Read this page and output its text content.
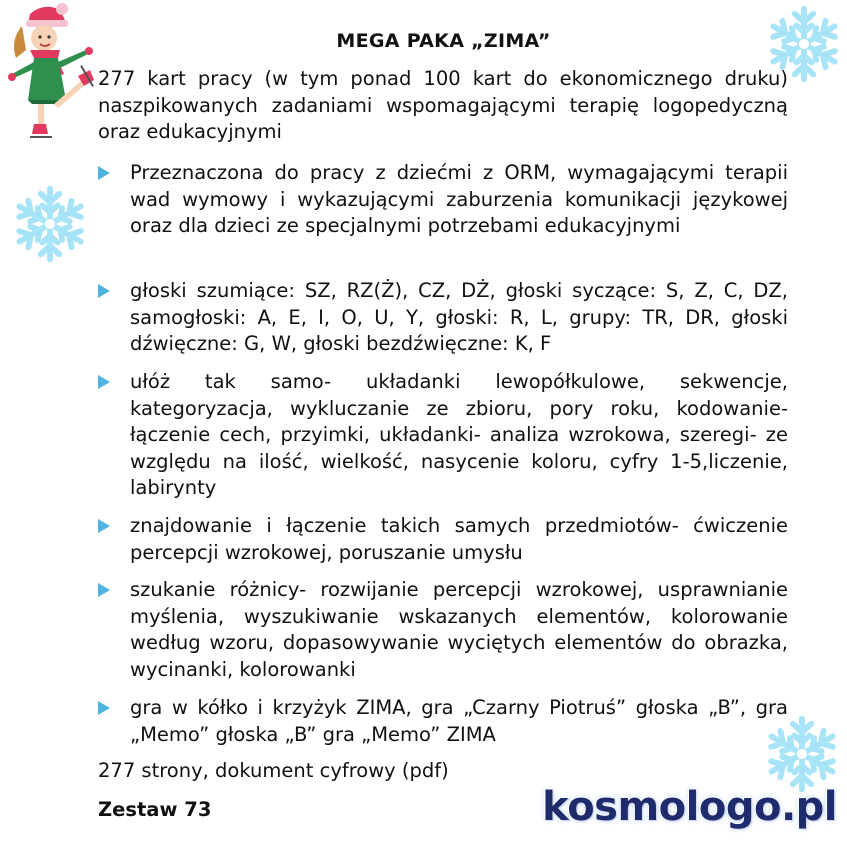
MEGA PAKA „ZIMA”
277 kart pracy (w tym ponad 100 kart do ekonomicznego druku) naszpikowanych zadaniami wspomagającymi terapię logopedyczną oraz edukacyjnymi
Przeznaczona do pracy z dziećmi z ORM, wymagającymi terapii wad wymowy i wykazującymi zaburzenia komunikacji językowej oraz dla dzieci ze specjalnymi potrzebami edukacyjnymi
głoski szumiące: SZ, RZ(Ż), CZ, DŻ, głoski syczące: S, Z, C, DZ, samogłoski: A, E, I, O, U, Y, głoski: R, L, grupy: TR, DR, głoski dźwięczne: G, W, głoski bezdźwięczne: K, F
ułóż tak samo- układanki lewopółkulowe, sekwencje, kategoryzacja, wykluczanie ze zbioru, pory roku, kodowanie- łączenie cech, przyimki, układanki- analiza wzrokowa, szeregi- ze względu na ilość, wielkość, nasycenie koloru, cyfry 1-5,liczenie, labirynty
znajdowanie i łączenie takich samych przedmiotów- ćwiczenie percepcji wzrokowej, poruszanie umysłu
szukanie różnicy- rozwijanie percepcji wzrokowej, usprawnianie myślenia, wyszukiwanie wskazanych elementów, kolorowanie według wzoru, dopasowywanie wyciętych elementów do obrazka, wycinanki, kolorowanki
gra w kółko i krzyżyk ZIMA, gra „Czarny Piotruś” głoska „B”, gra „Memo” głoska „B” gra „Memo” ZIMA
277 strony, dokument cyfrowy (pdf)
Zestaw 73	kosmologo.pl
